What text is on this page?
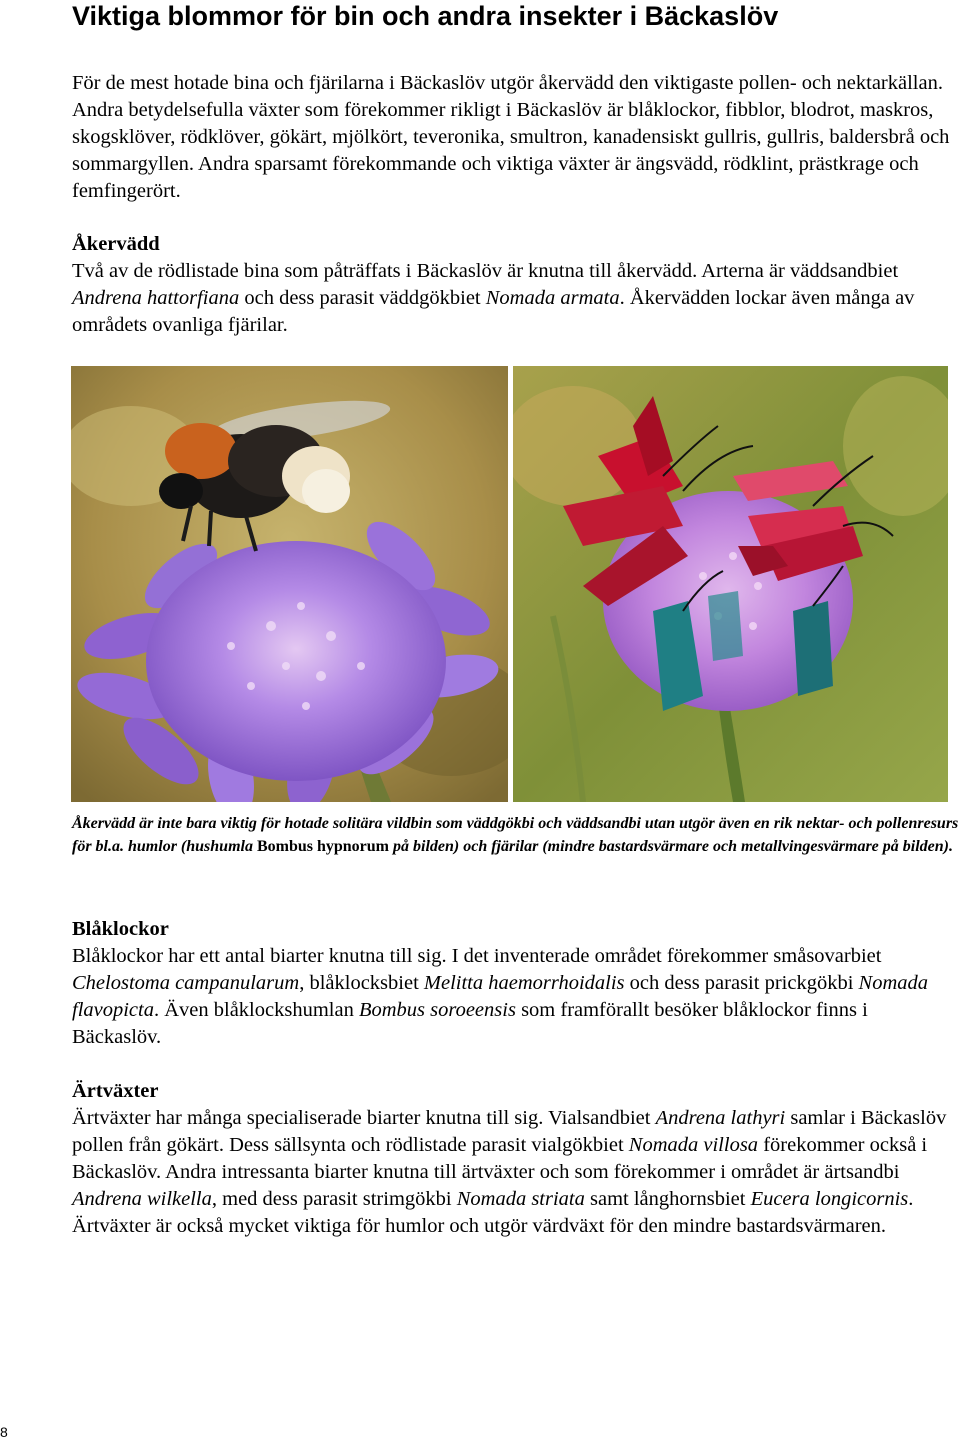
Viktiga blommor för bin och andra insekter i Bäckaslöv

För de mest hotade bina och fjärilarna i Bäckaslöv utgör åkervädd den viktigaste pollen- och nektarkällan. Andra betydelsefulla växter som förekommer rikligt i Bäckaslöv är blåklockor, fibblor, blodrot, maskros, skogsklöver, rödklöver, gökärt, mjölkört, teveronika, smultron, kanadensiskt gullris, gullris, baldersbrå och sommargyllen. Andra sparsamt förekommande och viktiga växter är ängsvädd, rödklint, prästkrage och femfingerört.

Åkervädd

Två av de rödlistade bina som påträffats i Bäckaslöv är knutna till åkervädd. Arterna är väddsandbiet Andrena hattorfiana och dess parasit väddgökbiet Nomada armata. Åkervädden lockar även många av områdets ovanliga fjärilar.

Åkervädd är inte bara viktig för hotade solitära vildbin som väddgökbi och väddsandbi utan utgör även en rik nektar- och pollenresurs för bl.a. humlor (hushumla Bombus hypnorum på bilden) och fjärilar (mindre bastardsvärmare och metallvingesvärmare på bilden).

Blåklockor

Blåklockor har ett antal biarter knutna till sig. I det inventerade området förekommer småsovarbiet Chelostoma campanularum, blåklocksbiet Melitta haemorrhoidalis och dess parasit prickgökbi Nomada flavopicta. Även blåklockshumlan Bombus soroeensis som framförallt besöker blåklockor finns i Bäckaslöv.

Ärtväxter

Ärtväxter har många specialiserade biarter knutna till sig. Vialsandbiet Andrena lathyri samlar i Bäckaslöv pollen från gökärt. Dess sällsynta och rödlistade parasit vialgökbiet Nomada villosa förekommer också i Bäckaslöv. Andra intressanta biarter knutna till ärtväxter och som förekommer i området är ärtsandbi Andrena wilkella, med dess parasit strimgökbi Nomada striata samt långhornsbiet Eucera longicornis. Ärtväxter är också mycket viktiga för humlor och utgör värdväxt för den mindre bastardsvärmaren.

8
